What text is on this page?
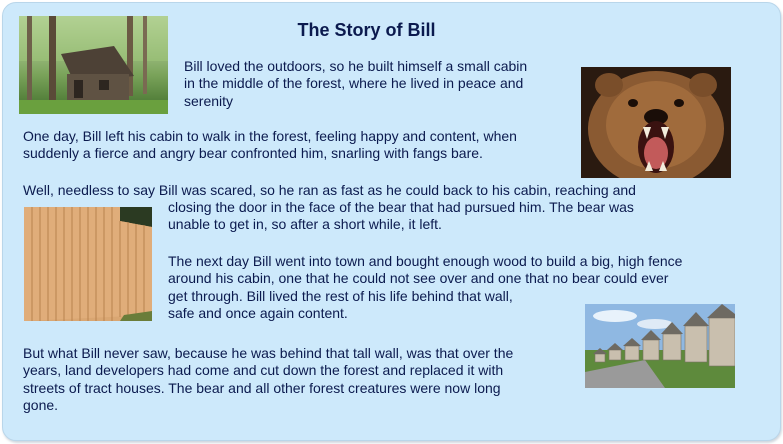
The Story of Bill
Bill loved the outdoors, so he built himself a small cabin
in the middle of the forest, where he lived in peace and
serenity
One day, Bill left his cabin to walk in the forest, feeling happy and content, when
suddenly a fierce and angry bear confronted him, snarling with fangs bare.
Well, needless to say Bill was scared, so he ran as fast as he could back to his cabin, reaching and
closing the door in the face of the bear that had pursued him. The bear was
unable to get in, so after a short while, it left.
The next day Bill went into town and bought enough wood to build a big, high fence
around his cabin, one that he could not see over and one that no bear could ever
get through. Bill lived the rest of his life behind that wall,
safe and once again content.
But what Bill never saw, because he was behind that tall wall, was that over the
years, land developers had come and cut down the forest and replaced it with
streets of tract houses. The bear and all other forest creatures were now long
gone.
